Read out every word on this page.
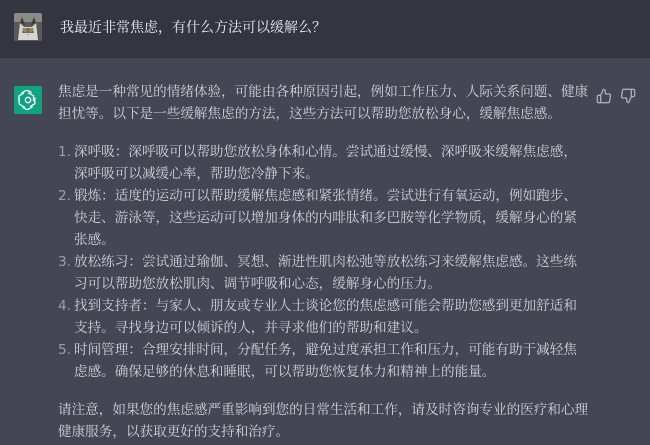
我最近非常焦虑，有什么方法可以缓解么？

焦虑是一种常见的情绪体验，可能由各种原因引起，例如工作压力、人际关系问题、健康担忧等。以下是一些缓解焦虑的方法，这些方法可以帮助您放松身心，缓解焦虑感。

1. 深呼吸：深呼吸可以帮助您放松身体和心情。尝试通过缓慢、深呼吸来缓解焦虑感，深呼吸可以减缓心率，帮助您冷静下来。
2. 锻炼：适度的运动可以帮助缓解焦虑感和紧张情绪。尝试进行有氧运动，例如跑步、快走、游泳等，这些运动可以增加身体的内啡肽和多巴胺等化学物质，缓解身心的紧张感。
3. 放松练习：尝试通过瑜伽、冥想、渐进性肌肉松弛等放松练习来缓解焦虑感。这些练习可以帮助您放松肌肉、调节呼吸和心态，缓解身心的压力。
4. 找到支持者：与家人、朋友或专业人士谈论您的焦虑感可能会帮助您感到更加舒适和支持。寻找身边可以倾诉的人，并寻求他们的帮助和建议。
5. 时间管理：合理安排时间，分配任务，避免过度承担工作和压力，可能有助于减轻焦虑感。确保足够的休息和睡眠，可以帮助您恢复体力和精神上的能量。

请注意，如果您的焦虑感严重影响到您的日常生活和工作，请及时咨询专业的医疗和心理健康服务，以获取更好的支持和治疗。
